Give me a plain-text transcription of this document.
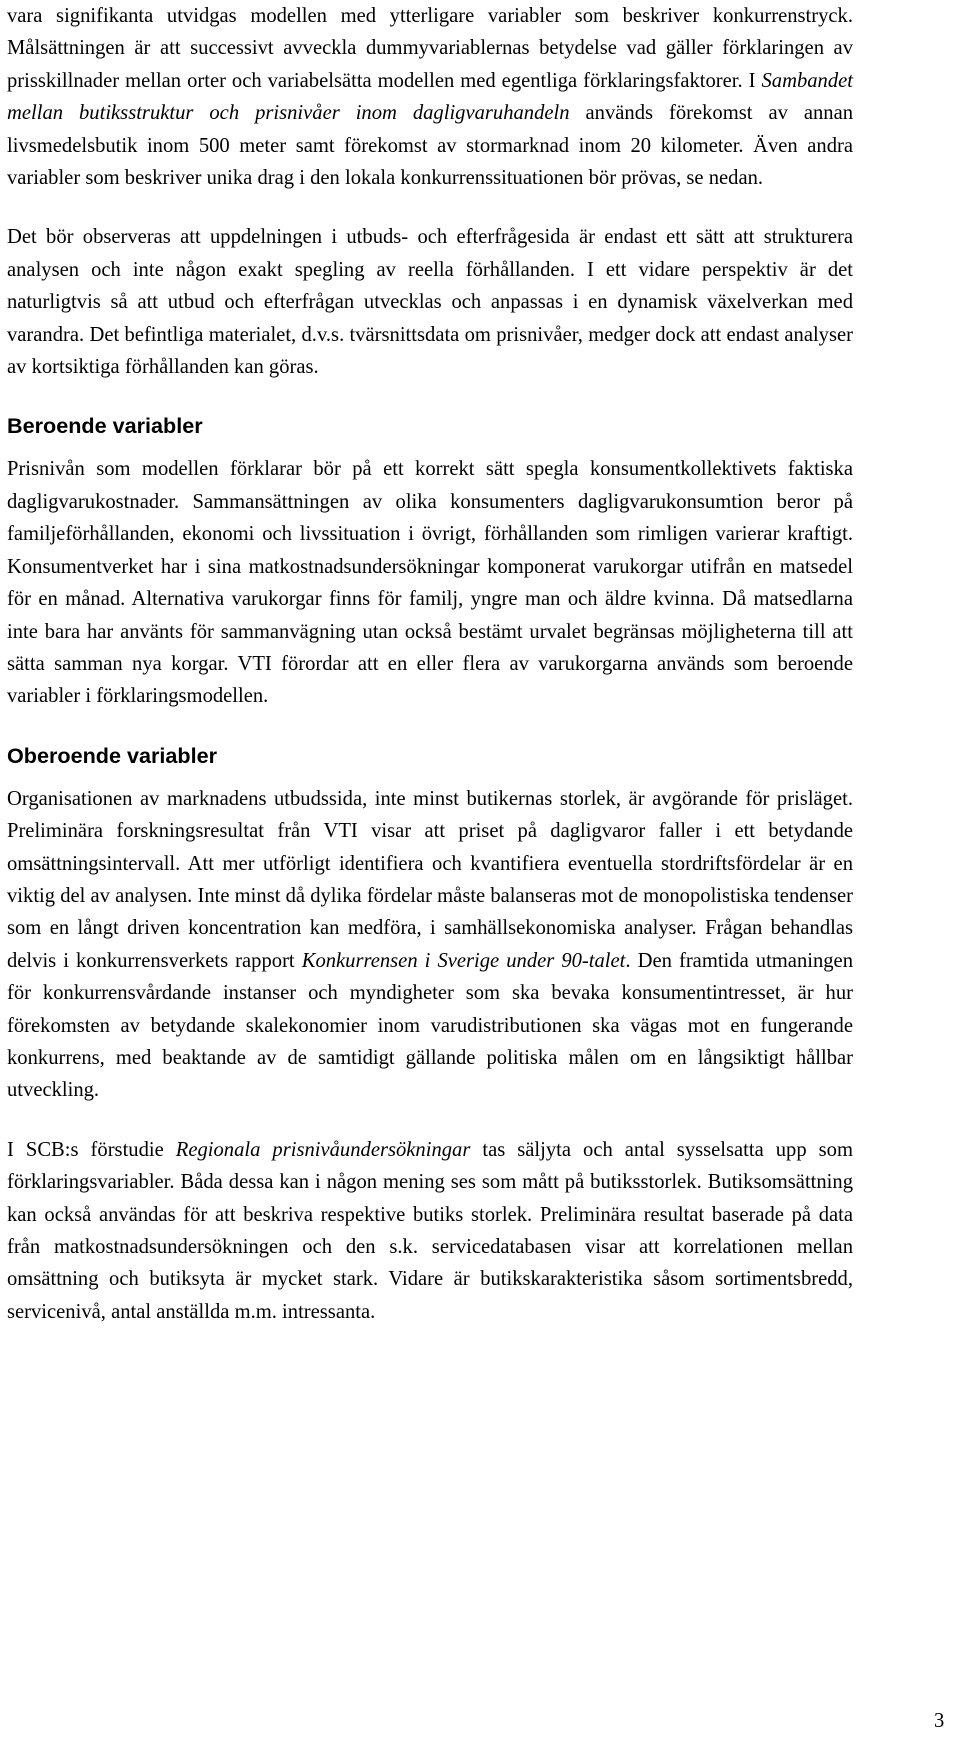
vara signifikanta utvidgas modellen med ytterligare variabler som beskriver konkurrenstryck. Målsättningen är att successivt avveckla dummyvariablernas betydelse vad gäller förklaringen av prisskillnader mellan orter och variabelsätta modellen med egentliga förklaringsfaktorer. I Sambandet mellan butiksstruktur och prisnivåer inom dagligvaruhandeln används förekomst av annan livsmedelsbutik inom 500 meter samt förekomst av stormarknad inom 20 kilometer. Även andra variabler som beskriver unika drag i den lokala konkurrenssituationen bör prövas, se nedan.

Det bör observeras att uppdelningen i utbuds- och efterfrågesida är endast ett sätt att strukturera analysen och inte någon exakt spegling av reella förhållanden. I ett vidare perspektiv är det naturligtvis så att utbud och efterfrågan utvecklas och anpassas i en dynamisk växelverkan med varandra. Det befintliga materialet, d.v.s. tvärsnittsdata om prisnivåer, medger dock att endast analyser av kortsiktiga förhållanden kan göras.

Beroende variabler

Prisnivån som modellen förklarar bör på ett korrekt sätt spegla konsumentkollektivets faktiska dagligvarukostnader. Sammansättningen av olika konsumenters dagligvarukonsumtion beror på familjeförhållanden, ekonomi och livssituation i övrigt, förhållanden som rimligen varierar kraftigt. Konsumentverket har i sina matkostnadsundersökningar komponerat varukorgar utifrån en matsedel för en månad. Alternativa varukorgar finns för familj, yngre man och äldre kvinna. Då matsedlarna inte bara har använts för sammanvägning utan också bestämt urvalet begränsas möjligheterna till att sätta samman nya korgar. VTI förordar att en eller flera av varukorgarna används som beroende variabler i förklaringsmodellen.

Oberoende variabler

Organisationen av marknadens utbudssida, inte minst butikernas storlek, är avgörande för prisläget. Preliminära forskningsresultat från VTI visar att priset på dagligvaror faller i ett betydande omsättningsintervall. Att mer utförligt identifiera och kvantifiera eventuella stordriftsfördelar är en viktig del av analysen. Inte minst då dylika fördelar måste balanseras mot de monopolistiska tendenser som en långt driven koncentration kan medföra, i samhällsekonomiska analyser. Frågan behandlas delvis i konkurrensverkets rapport Konkurrensen i Sverige under 90-talet. Den framtida utmaningen för konkurrensvårdande instanser och myndigheter som ska bevaka konsumentintresset, är hur förekomsten av betydande skalekonomier inom varudistributionen ska vägas mot en fungerande konkurrens, med beaktande av de samtidigt gällande politiska målen om en långsiktigt hållbar utveckling.

I SCB:s förstudie Regionala prisnivåundersökningar tas säljyta och antal sysselsatta upp som förklaringsvariabler. Båda dessa kan i någon mening ses som mått på butiksstorlek. Butiksomsättning kan också användas för att beskriva respektive butiks storlek. Preliminära resultat baserade på data från matkostnadsundersökningen och den s.k. servicedatabasen visar att korrelationen mellan omsättning och butiksyta är mycket stark. Vidare är butikskarakteristika såsom sortimentsbredd, servicenivå, antal anställda m.m. intressanta.

3
